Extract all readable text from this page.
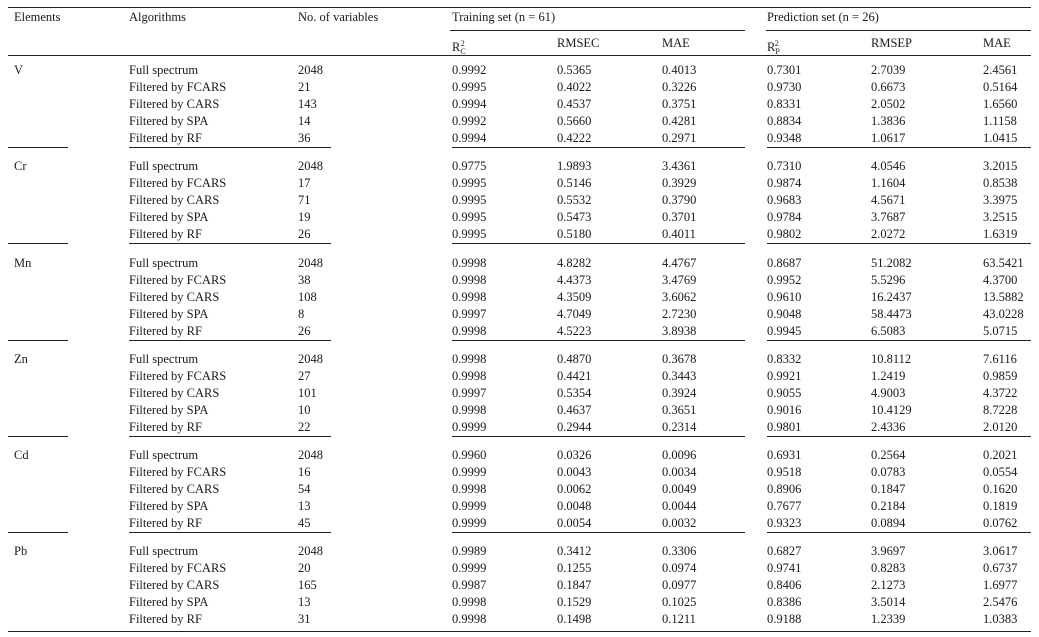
Elements	Algorithms	No. of variables	Training set (n = 61)	Prediction set (n = 26)
$R_C^2$	RMSEC	MAE	$R_P^2$	RMSEP	MAE
V	Full spectrum	2048	0.9992	0.5365	0.4013	0.7301	2.7039	2.4561
Filtered by FCARS	21	0.9995	0.4022	0.3226	0.9730	0.6673	0.5164
Filtered by CARS	143	0.9994	0.4537	0.3751	0.8331	2.0502	1.6560
Filtered by SPA	14	0.9992	0.5660	0.4281	0.8834	1.3836	1.1158
Filtered by RF	36	0.9994	0.4222	0.2971	0.9348	1.0617	1.0415
Cr	Full spectrum	2048	0.9775	1.9893	3.4361	0.7310	4.0546	3.2015
Filtered by FCARS	17	0.9995	0.5146	0.3929	0.9874	1.1604	0.8538
Filtered by CARS	71	0.9995	0.5532	0.3790	0.9683	4.5671	3.3975
Filtered by SPA	19	0.9995	0.5473	0.3701	0.9784	3.7687	3.2515
Filtered by RF	26	0.9995	0.5180	0.4011	0.9802	2.0272	1.6319
Mn	Full spectrum	2048	0.9998	4.8282	4.4767	0.8687	51.2082	63.5421
Filtered by FCARS	38	0.9998	4.4373	3.4769	0.9952	5.5296	4.3700
Filtered by CARS	108	0.9998	4.3509	3.6062	0.9610	16.2437	13.5882
Filtered by SPA	8	0.9997	4.7049	2.7230	0.9048	58.4473	43.0228
Filtered by RF	26	0.9998	4.5223	3.8938	0.9945	6.5083	5.0715
Zn	Full spectrum	2048	0.9998	0.4870	0.3678	0.8332	10.8112	7.6116
Filtered by FCARS	27	0.9998	0.4421	0.3443	0.9921	1.2419	0.9859
Filtered by CARS	101	0.9997	0.5354	0.3924	0.9055	4.9003	4.3722
Filtered by SPA	10	0.9998	0.4637	0.3651	0.9016	10.4129	8.7228
Filtered by RF	22	0.9999	0.2944	0.2314	0.9801	2.4336	2.0120
Cd	Full spectrum	2048	0.9960	0.0326	0.0096	0.6931	0.2564	0.2021
Filtered by FCARS	16	0.9999	0.0043	0.0034	0.9518	0.0783	0.0554
Filtered by CARS	54	0.9998	0.0062	0.0049	0.8906	0.1847	0.1620
Filtered by SPA	13	0.9999	0.0048	0.0044	0.7677	0.2184	0.1819
Filtered by RF	45	0.9999	0.0054	0.0032	0.9323	0.0894	0.0762
Pb	Full spectrum	2048	0.9989	0.3412	0.3306	0.6827	3.9697	3.0617
Filtered by FCARS	20	0.9999	0.1255	0.0974	0.9741	0.8283	0.6737
Filtered by CARS	165	0.9987	0.1847	0.0977	0.8406	2.1273	1.6977
Filtered by SPA	13	0.9998	0.1529	0.1025	0.8386	3.5014	2.5476
Filtered by RF	31	0.9998	0.1498	0.1211	0.9188	1.2339	1.0383
